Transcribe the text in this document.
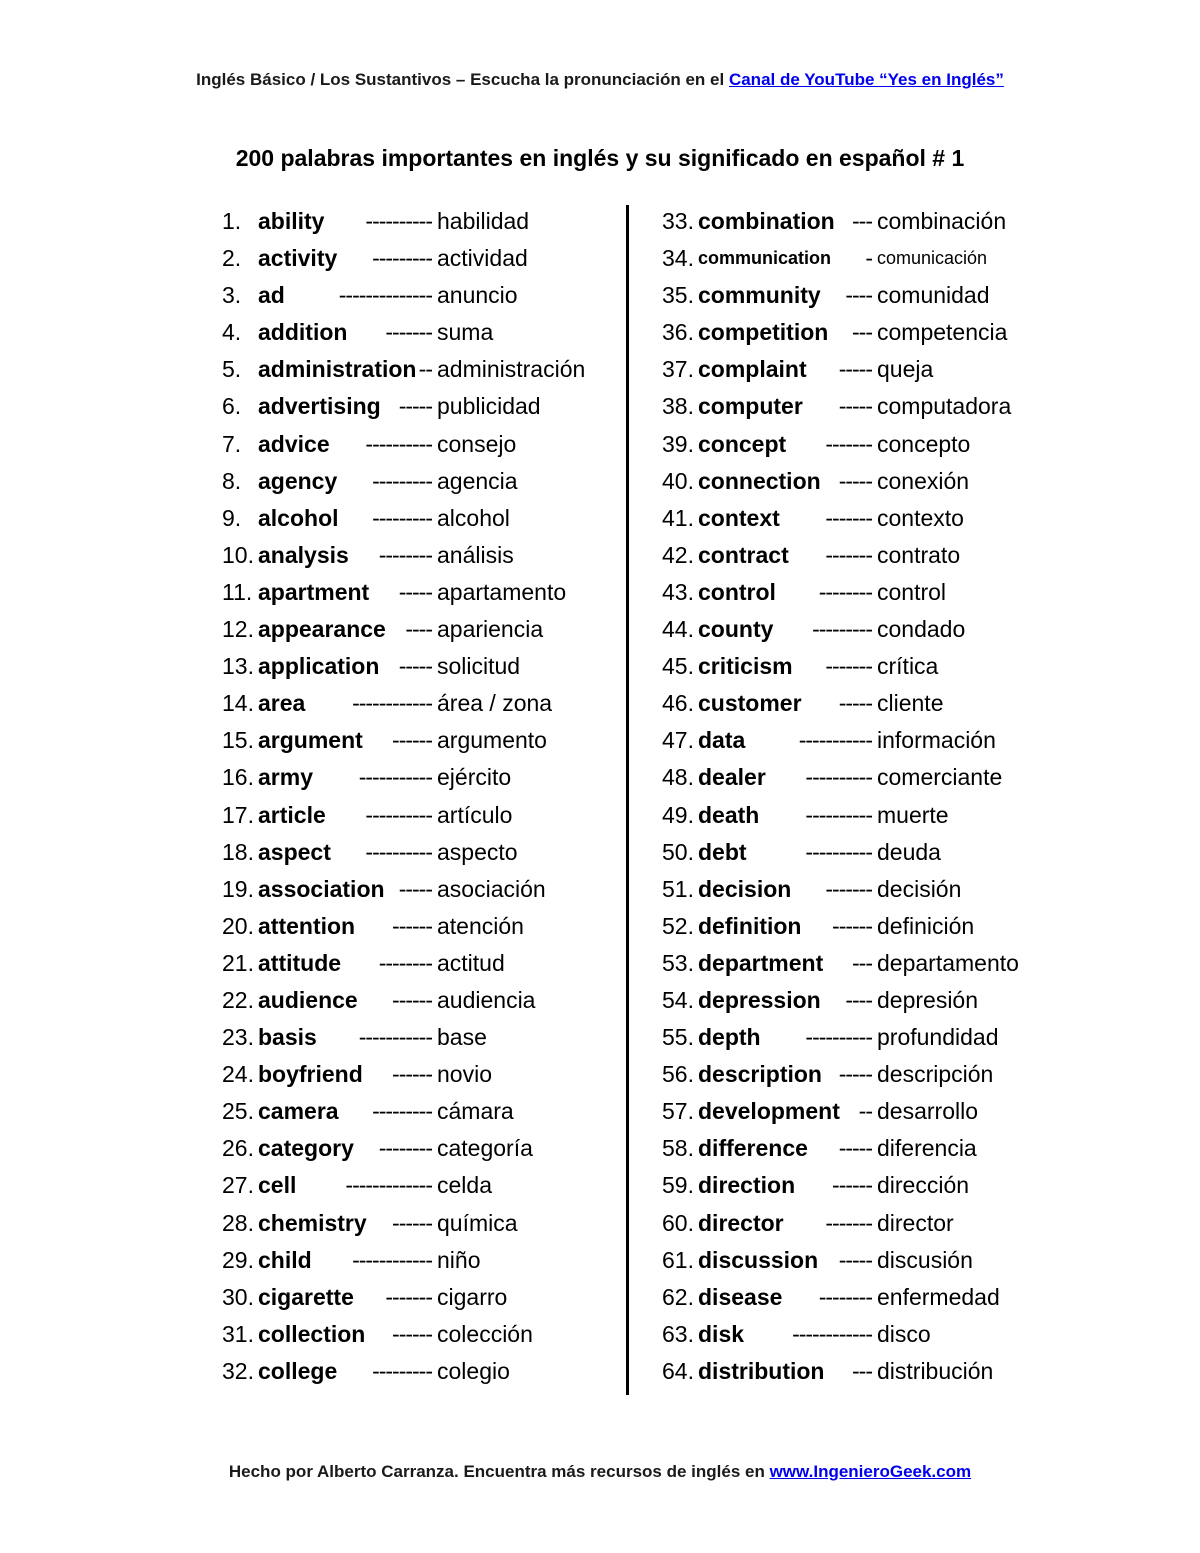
Inglés Básico / Los Sustantivos – Escucha la pronunciación en el Canal de YouTube “Yes en Inglés”
200 palabras importantes en inglés y su significado en español # 1
1. ability ---------- habilidad
2. activity --------- actividad
3. ad -------------- anuncio
4. addition ------- suma
5. administration -- administración
6. advertising ----- publicidad
7. advice ---------- consejo
8. agency --------- agencia
9. alcohol --------- alcohol
10. analysis -------- análisis
11. apartment ----- apartamento
12. appearance ---- apariencia
13. application ----- solicitud
14. area ------------ área / zona
15. argument ------ argumento
16. army ----------- ejército
17. article ---------- artículo
18. aspect ---------- aspecto
19. association ----- asociación
20. attention ------ atención
21. attitude -------- actitud
22. audience ------ audiencia
23. basis ----------- base
24. boyfriend ------ novio
25. camera --------- cámara
26. category -------- categoría
27. cell ------------- celda
28. chemistry ------ química
29. child ------------ niño
30. cigarette ------- cigarro
31. collection ------ colección
32. college --------- colegio
33. combination --- combinación
34. communication - comunicación
35. community ---- comunidad
36. competition --- competencia
37. complaint ----- queja
38. computer ----- computadora
39. concept ------- concepto
40. connection ----- conexión
41. context ------- contexto
42. contract ------- contrato
43. control -------- control
44. county --------- condado
45. criticism ------- crítica
46. customer ----- cliente
47. data ----------- información
48. dealer ---------- comerciante
49. death ---------- muerte
50. debt	---------- deuda
51. decision ------- decisión
52. definition ------ definición
53. department --- departamento
54. depression ---- depresión
55. depth ---------- profundidad
56. description ----- descripción
57. development -- desarrollo
58. difference ----- diferencia
59. direction ------ dirección
60. director ------- director
61. discussion ----- discusión
62. disease -------- enfermedad
63. disk ------------ disco
64. distribution --- distribución
Hecho por Alberto Carranza. Encuentra más recursos de inglés en www.IngenieroGeek.com
